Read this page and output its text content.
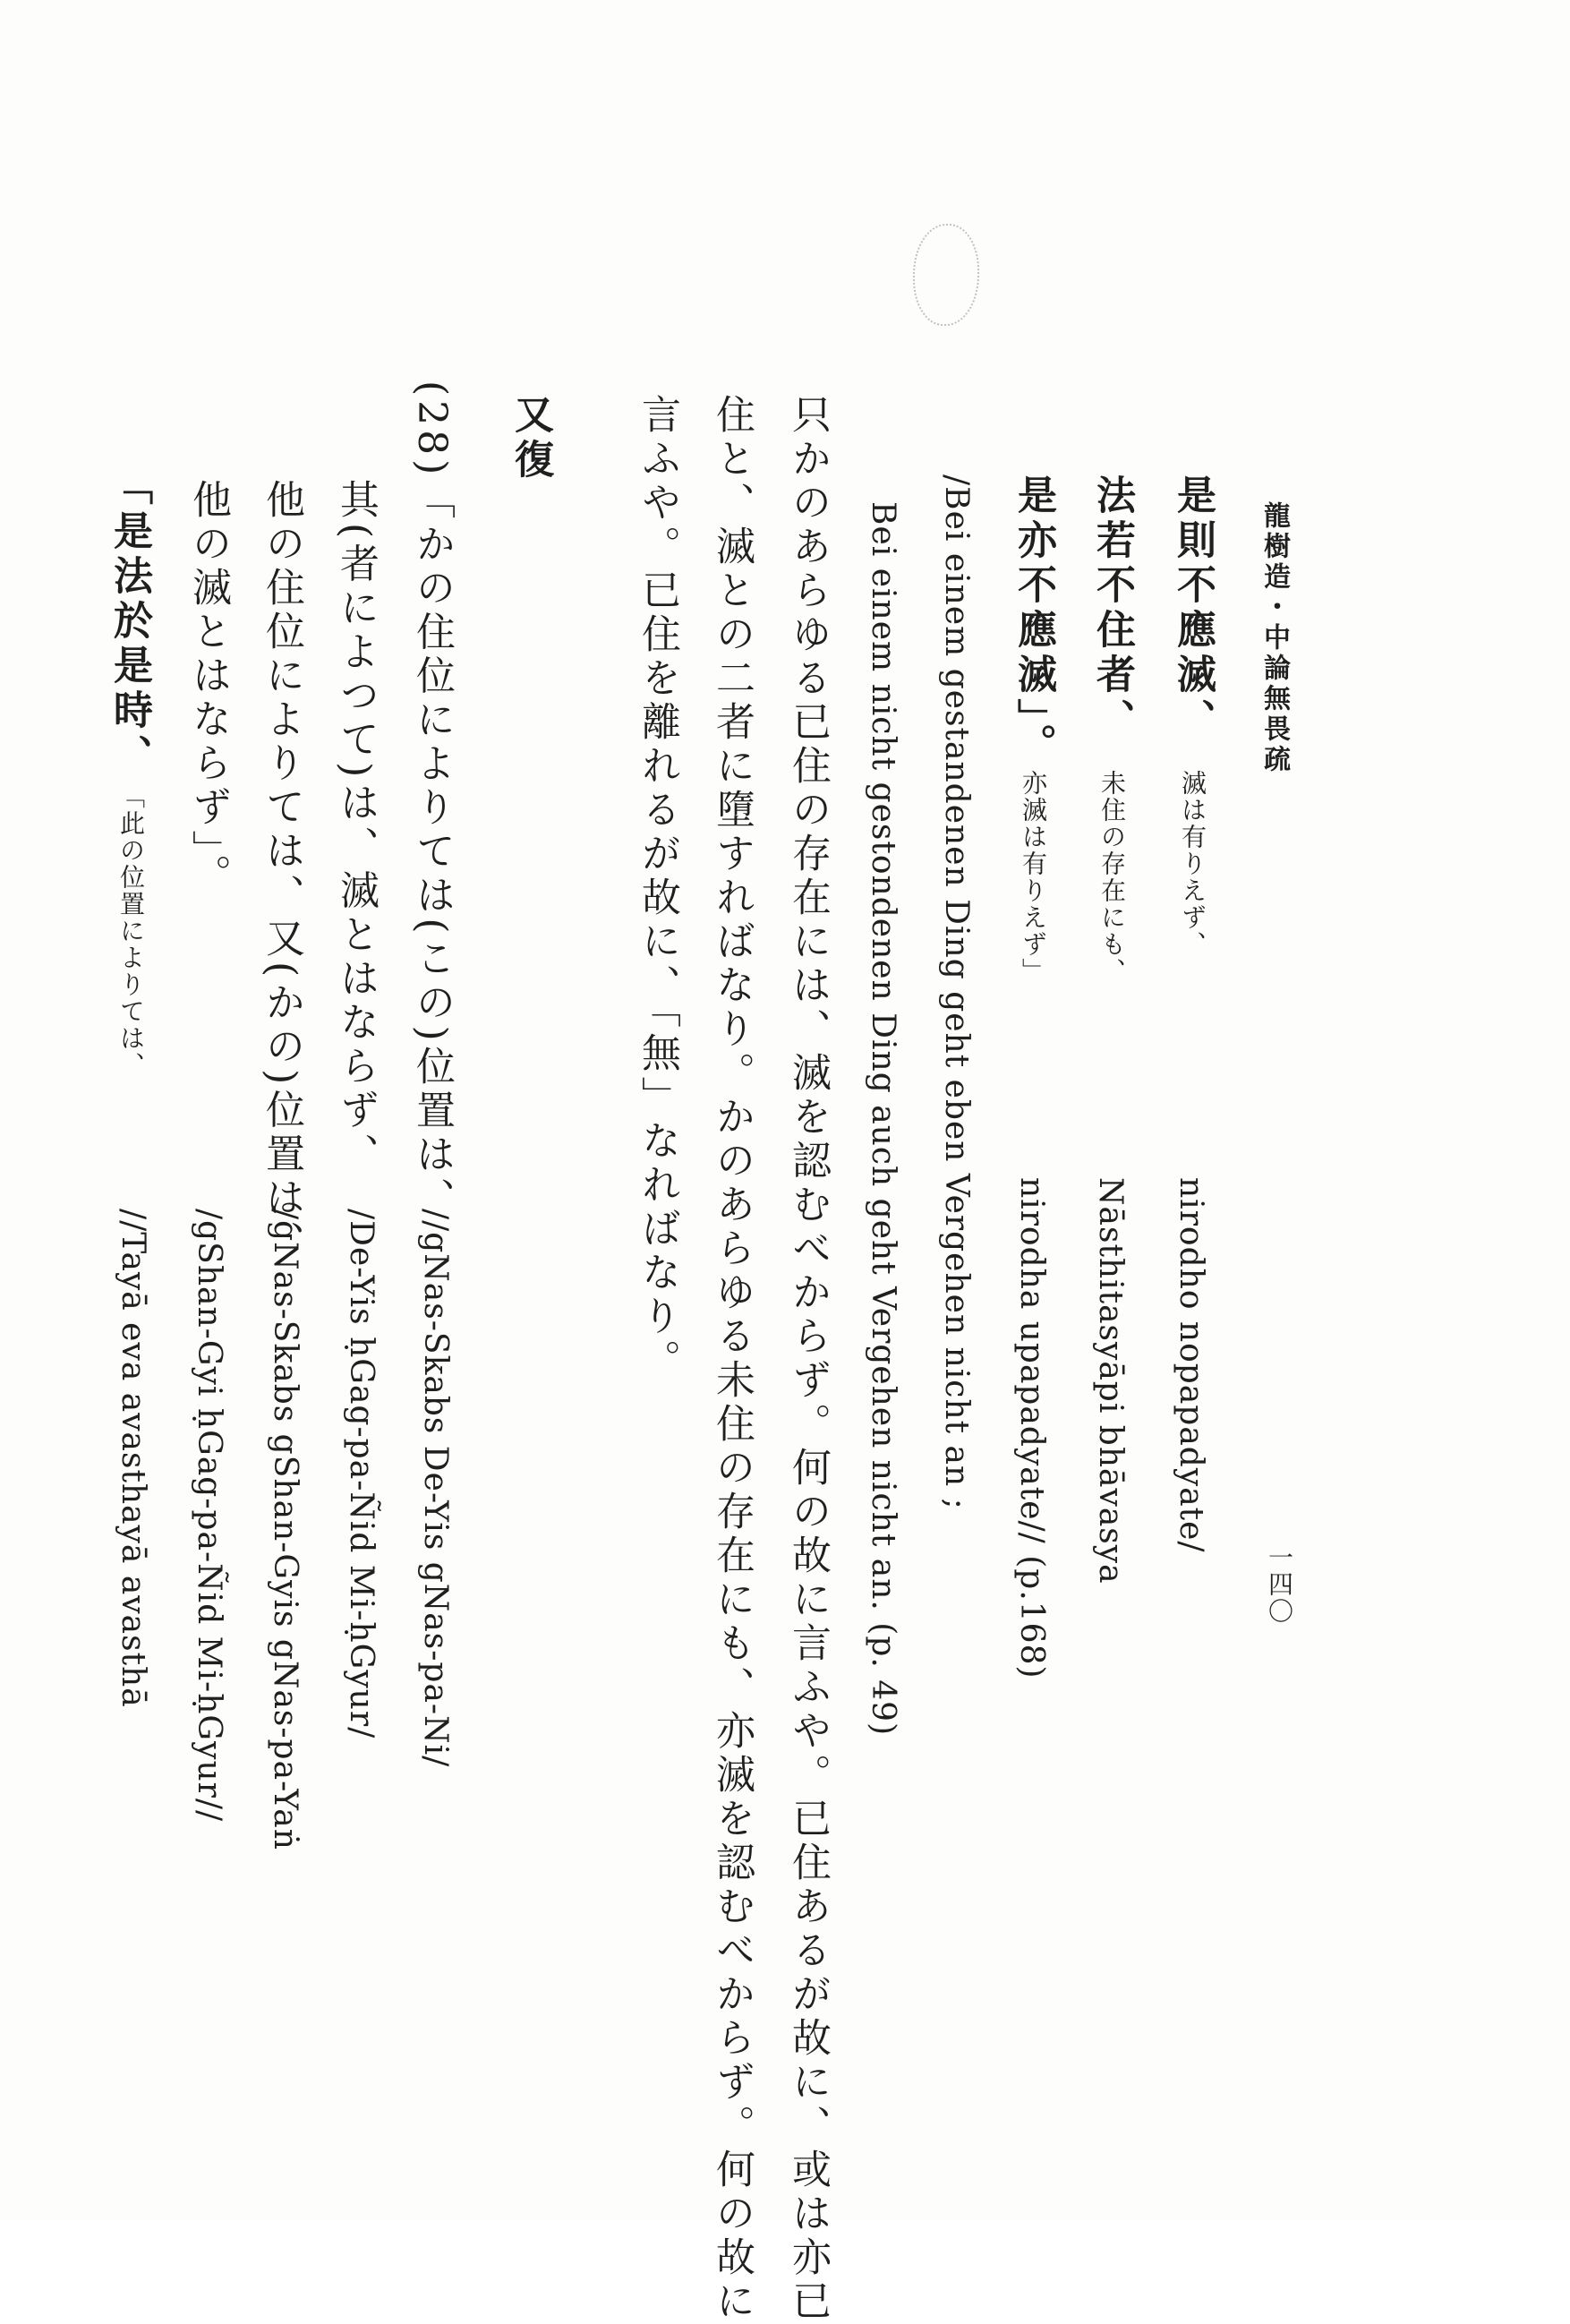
龍樹造・中論無畏疏
一四〇
是則不應滅、
滅は有りえず、
nirodho nopapadyate/
法若不住者、
未住の存在にも、
Nāsthitasyāpi bhāvasya
是亦不應滅」。
亦滅は有りえず」
nirodha upapadyate// (p.168)
/Bei einem gestandenen Ding geht eben Vergehen nicht an ;
Bei einem nicht gestondenen Ding auch geht Vergehen nicht an. (p. 49)
只かのあらゆる已住の存在には、滅を認むべからず。何の故に言ふや。已住あるが故に、或は亦已
住と、滅との二者に墮すればなり。かのあらゆる未住の存在にも、亦滅を認むべからず。何の故に
言ふや。已住を離れるが故に、「無」なればなり。
又復
(28)「かの住位によりては(この)位置は、
//gNas-Skabs De-Yis gNas-pa-Ni/
其(者によつて)は、滅とはならず、
/De-Yis ḥGag-pa-Ñid Mi-ḥGyur/
他の住位によりては、又(かの)位置は、
/gNas-Skabs gShan-Gyis gNas-pa-Yaṅ
他の滅とはならず」。
/gShan-Gyi ḥGag-pa-Ñid Mi-ḥGyur//
「是法於是時、
「此の位置によりては、
//Tayā eva avasthayā avasthā
